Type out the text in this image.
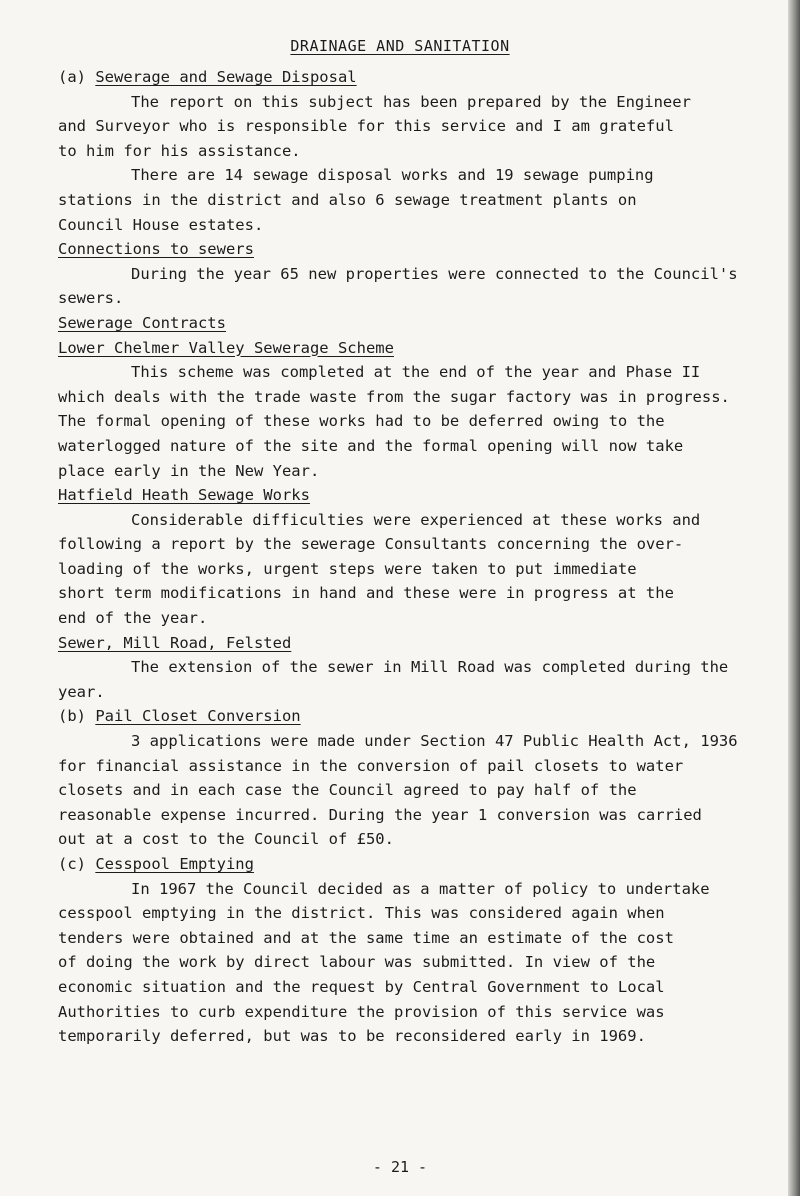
DRAINAGE AND SANITATION
(a) Sewerage and Sewage Disposal
The report on this subject has been prepared by the Engineer
and Surveyor who is responsible for this service and I am grateful
to him for his assistance.
There are 14 sewage disposal works and 19 sewage pumping
stations in the district and also 6 sewage treatment plants on
Council House estates.
Connections to sewers
During the year 65 new properties were connected to the Council's
sewers.
Sewerage Contracts
Lower Chelmer Valley Sewerage Scheme
This scheme was completed at the end of the year and Phase II
which deals with the trade waste from the sugar factory was in progress.
The formal opening of these works had to be deferred owing to the
waterlogged nature of the site and the formal opening will now take
place early in the New Year.
Hatfield Heath Sewage Works
Considerable difficulties were experienced at these works and
following a report by the sewerage Consultants concerning the over-
loading of the works, urgent steps were taken to put immediate
short term modifications in hand and these were in progress at the
end of the year.
Sewer, Mill Road, Felsted
The extension of the sewer in Mill Road was completed during the
year.
(b) Pail Closet Conversion
3 applications were made under Section 47 Public Health Act, 1936
for financial assistance in the conversion of pail closets to water
closets and in each case the Council agreed to pay half of the
reasonable expense incurred. During the year 1 conversion was carried
out at a cost to the Council of £50.
(c) Cesspool Emptying
In 1967 the Council decided as a matter of policy to undertake
cesspool emptying in the district. This was considered again when
tenders were obtained and at the same time an estimate of the cost
of doing the work by direct labour was submitted. In view of the
economic situation and the request by Central Government to Local
Authorities to curb expenditure the provision of this service was
temporarily deferred, but was to be reconsidered early in 1969.
- 21 -
